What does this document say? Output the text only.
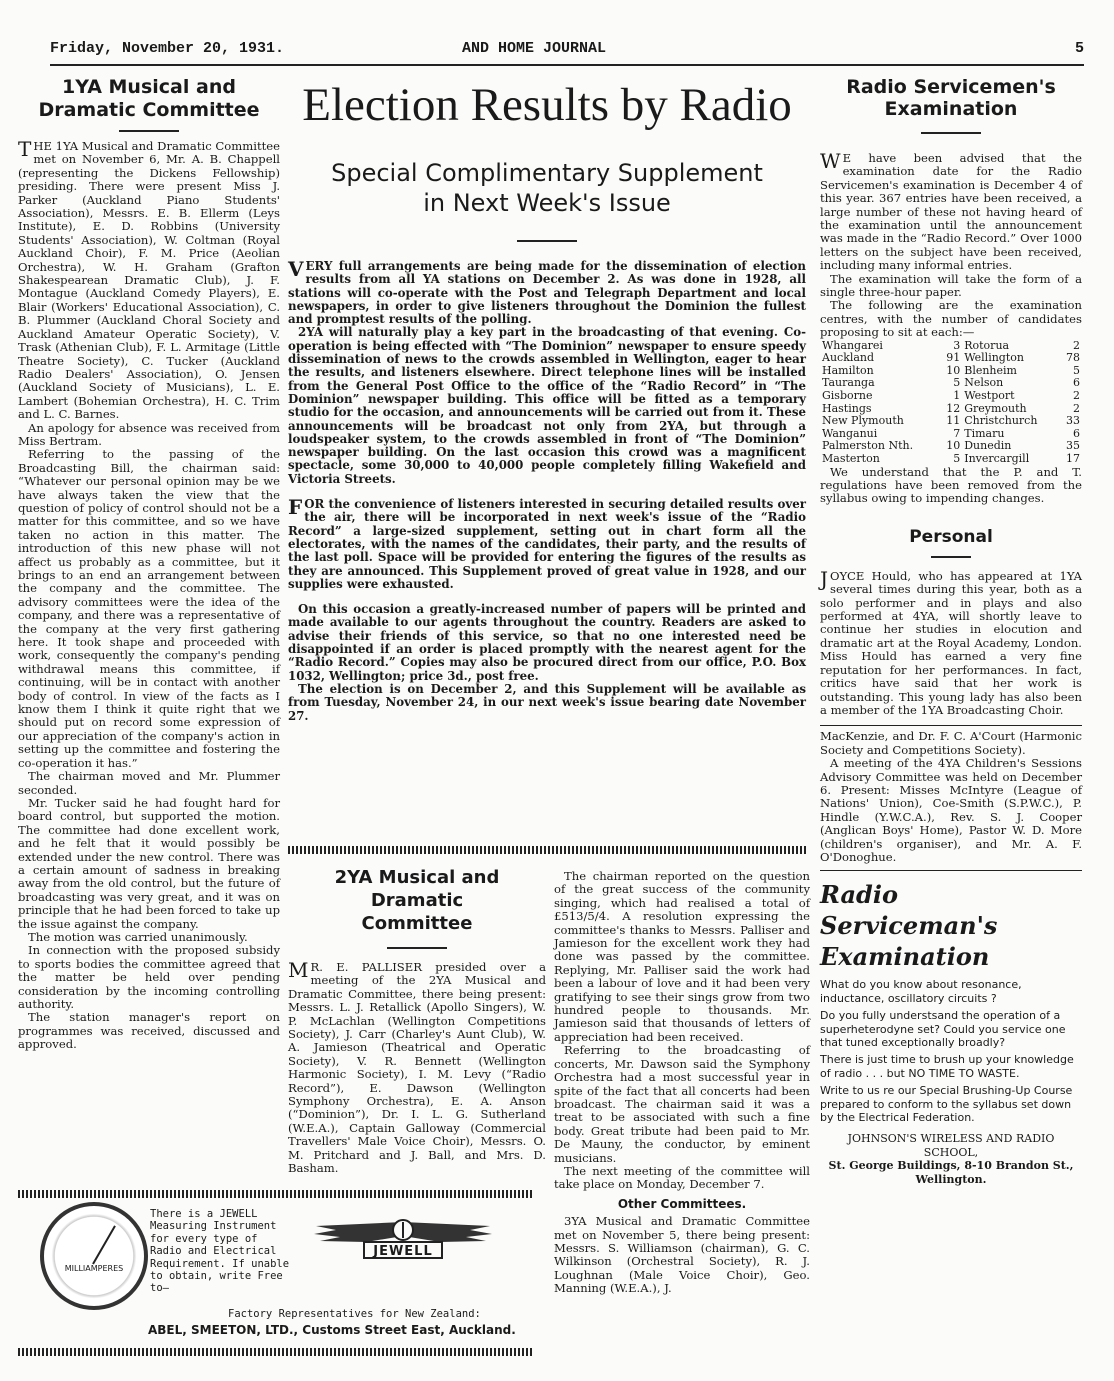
Friday, November 20, 1931.	AND HOME JOURNAL	5
1YA Musical and Dramatic Committee

THE 1YA Musical and Dramatic Committee met on November 6, Mr. A. B. Chappell (representing the Dickens Fellowship) presiding. There were present Miss J. Parker (Auckland Piano Students' Association), Messrs. E. B. Ellerm (Leys Institute), E. D. Robbins (University Students' Association), W. Coltman (Royal Auckland Choir), F. M. Price (Aeolian Orchestra), W. H. Graham (Grafton Shakespearean Dramatic Club), J. F. Montague (Auckland Comedy Players), E. Blair (Workers' Educational Association), C. B. Plummer (Auckland Choral Society and Auckland Amateur Operatic Society), V. Trask (Athenian Club), F. L. Armitage (Little Theatre Society), C. Tucker (Auckland Radio Dealers' Association), O. Jensen (Auckland Society of Musicians), L. E. Lambert (Bohemian Orchestra), H. C. Trim and L. C. Barnes.

An apology for absence was received from Miss Bertram.

Referring to the passing of the Broadcasting Bill, the chairman said: “Whatever our personal opinion may be we have always taken the view that the question of policy of control should not be a matter for this committee, and so we have taken no action in this matter. The introduction of this new phase will not affect us probably as a committee, but it brings to an end an arrangement between the company and the committee. The advisory committees were the idea of the company, and there was a representative of the company at the very first gathering here. It took shape and proceeded with work, consequently the company's pending withdrawal means this committee, if continuing, will be in contact with another body of control. In view of the facts as I know them I think it quite right that we should put on record some expression of our appreciation of the company's action in setting up the committee and fostering the co-operation it has.”

The chairman moved and Mr. Plummer seconded.

Mr. Tucker said he had fought hard for board control, but supported the motion. The committee had done excellent work, and he felt that it would possibly be extended under the new control. There was a certain amount of sadness in breaking away from the old control, but the future of broadcasting was very great, and it was on principle that he had been forced to take up the issue against the company.

The motion was carried unanimously.

In connection with the proposed subsidy to sports bodies the committee agreed that the matter be held over pending consideration by the incoming controlling authority.

The station manager's report on programmes was received, discussed and approved.

Election Results by Radio
Special Complimentary Supplement in Next Week's Issue

VERY full arrangements are being made for the dissemination of election results from all YA stations on December 2. As was done in 1928, all stations will co-operate with the Post and Telegraph Department and local newspapers, in order to give listeners throughout the Dominion the fullest and promptest results of the polling.

2YA will naturally play a key part in the broadcasting of that evening. Co-operation is being effected with “The Dominion” newspaper to ensure speedy dissemination of news to the crowds assembled in Wellington, eager to hear the results, and listeners elsewhere. Direct telephone lines will be installed from the General Post Office to the office of the “Radio Record” in “The Dominion” newspaper building. This office will be fitted as a temporary studio for the occasion, and announcements will be carried out from it. These announcements will be broadcast not only from 2YA, but through a loudspeaker system, to the crowds assembled in front of “The Dominion” newspaper building. On the last occasion this crowd was a magnificent spectacle, some 30,000 to 40,000 people completely filling Wakefield and Victoria Streets.

FOR the convenience of listeners interested in securing detailed results over the air, there will be incorporated in next week's issue of the “Radio Record” a large-sized supplement, setting out in chart form all the electorates, with the names of the candidates, their party, and the results of the last poll. Space will be provided for entering the figures of the results as they are announced. This Supplement proved of great value in 1928, and our supplies were exhausted.

On this occasion a greatly-increased number of papers will be printed and made available to our agents throughout the country. Readers are asked to advise their friends of this service, so that no one interested need be disappointed if an order is placed promptly with the nearest agent for the “Radio Record.” Copies may also be procured direct from our office, P.O. Box 1032, Wellington; price 3d., post free.

The election is on December 2, and this Supplement will be available as from Tuesday, November 24, in our next week's issue bearing date November 27.

2YA Musical and Dramatic Committee

M R. E. PALLISER presided over a meeting of the 2YA Musical and Dramatic Committee, there being present: Messrs. L. J. Retallick (Apollo Singers), W. P. McLachlan (Wellington Competitions Society), J. Carr (Charley's Aunt Club), W. A. Jamieson (Theatrical and Operatic Society), V. R. Bennett (Wellington Harmonic Society), I. M. Levy (“Radio Record”), E. Dawson (Wellington Symphony Orchestra), E. A. Anson (“Dominion”), Dr. I. L. G. Sutherland (W.E.A.), Captain Galloway (Commercial Travellers' Male Voice Choir), Messrs. O. M. Pritchard and J. Ball, and Mrs. D. Basham.

The chairman reported on the question of the great success of the community singing, which had realised a total of £513/5/4. A resolution expressing the committee's thanks to Messrs. Palliser and Jamieson for the excellent work they had done was passed by the committee. Replying, Mr. Palliser said the work had been a labour of love and it had been very gratifying to see their sings grow from two hundred people to thousands. Mr. Jamieson said that thousands of letters of appreciation had been received.

Referring to the broadcasting of concerts, Mr. Dawson said the Symphony Orchestra had a most successful year in spite of the fact that all concerts had been broadcast. The chairman said it was a treat to be associated with such a fine body. Great tribute had been paid to Mr. De Mauny, the conductor, by eminent musicians.

The next meeting of the committee will take place on Monday, December 7.

Other Committees.

3YA Musical and Dramatic Committee met on November 5, there being present: Messrs. S. Williamson (chairman), G. C. Wilkinson (Orchestral Society), R. J. Loughnan (Male Voice Choir), Geo. Manning (W.E.A.), J.

MILLIAMPERES
There is a JEWELL Measuring Instrument for every type of Radio and Electrical Requirement. If unable to obtain, write Free to—
JEWELL
Factory Representatives for New Zealand:
ABEL, SMEETON, LTD., Customs Street East, Auckland.
Radio Servicemen's Examination

W E have been advised that the examination date for the Radio Servicemen's examination is December 4 of this year. 367 entries have been received, a large number of these not having heard of the examination until the announcement was made in the “Radio Record.” Over 1000 letters on the subject have been received, including many informal entries.

The examination will take the form of a single three-hour paper.

The following are the examination centres, with the number of candidates proposing to sit at each:—

Whangarei	3	Rotorua	2
Auckland	91	Wellington	78
Hamilton	10	Blenheim	5
Tauranga	5	Nelson	6
Gisborne	1	Westport	2
Hastings	12	Greymouth	2
New Plymouth	11	Christchurch	33
Wanganui	7	Timaru	6
Palmerston Nth.	10	Dunedin	35
Masterton	5	Invercargill	17

We understand that the P. and T. regulations have been removed from the syllabus owing to impending changes.

Personal

JOYCE Hould, who has appeared at 1YA several times during this year, both as a solo performer and in plays and also performed at 4YA, will shortly leave to continue her studies in elocution and dramatic art at the Royal Academy, London. Miss Hould has earned a very fine reputation for her performances. In fact, critics have said that her work is outstanding. This young lady has also been a member of the 1YA Broadcasting Choir.

MacKenzie, and Dr. F. C. A'Court (Harmonic Society and Competitions Society).

A meeting of the 4YA Children's Sessions Advisory Committee was held on December 6. Present: Misses McIntyre (League of Nations' Union), Coe-Smith (S.P.W.C.), P. Hindle (Y.W.C.A.), Rev. S. J. Cooper (Anglican Boys' Home), Pastor W. D. More (children's organiser), and Mr. A. F. O'Donoghue.

Radio Serviceman's Examination

What do you know about resonance, inductance, oscillatory circuits ?

Do you fully understsand the operation of a superheterodyne set? Could you service one that tuned exceptionally broadly?

There is just time to brush up your knowledge of radio . . . but NO TIME TO WASTE.

Write to us re our Special Brushing-Up Course prepared to conform to the syllabus set down by the Electrical Federation.

JOHNSON'S WIRELESS AND RADIO SCHOOL,
St. George Buildings, 8-10 Brandon St., Wellington.
